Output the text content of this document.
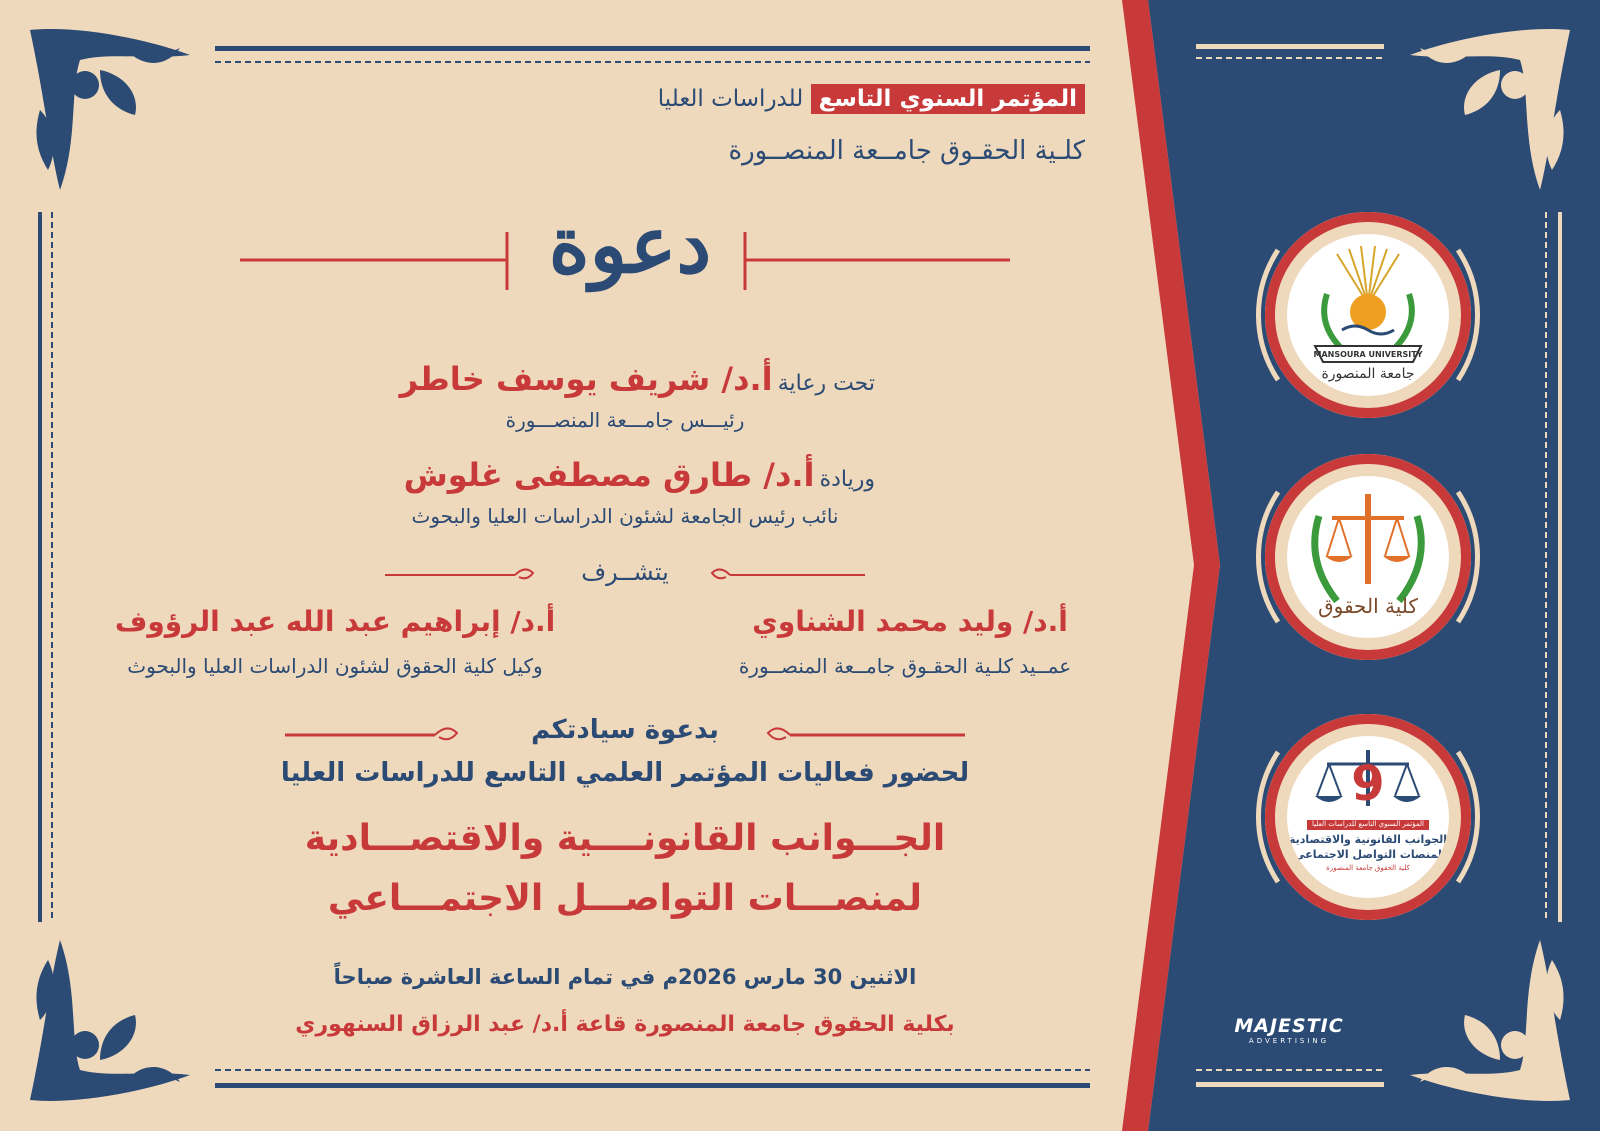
المؤتمر السنوي التاسع للدراسات العليا
كلـية الحقـوق جامــعة المنصــورة
دعوة
تحت رعاية أ.د/ شريف يوسف خاطر
رئيـــس جامـــعة المنصـــورة
وريادة أ.د/ طارق مصطفى غلوش
نائب رئيس الجامعة لشئون الدراسات العليا والبحوث
يتشــرف
أ.د/ وليد محمد الشناوي
عمــيد كلـية الحقـوق جامــعة المنصــورة
أ.د/ إبراهيم عبد الله عبد الرؤوف
وكيل كلية الحقوق لشئون الدراسات العليا والبحوث
بدعوة سيادتكم
لحضور فعاليات المؤتمر العلمي التاسع للدراسات العليا
الجـــوانب القانونــــية والاقتصـــادية
لمنصـــات التواصـــل الاجتمـــاعي
الاثنين 30 مارس 2026م في تمام الساعة العاشرة صباحاً
بكلية الحقوق جامعة المنصورة قاعة أ.د/ عبد الرزاق السنهوري
MANSOURA UNIVERSITY
جامعة المنصورة
كلية الحقوق
9
المؤتمر السنوي التاسع للدراسات العليا
الجوانب القانونية والاقتصادية
لمنصات التواصل الاجتماعي
كلية الحقوق جامعة المنصورة
MAJESTIC
ADVERTISING
